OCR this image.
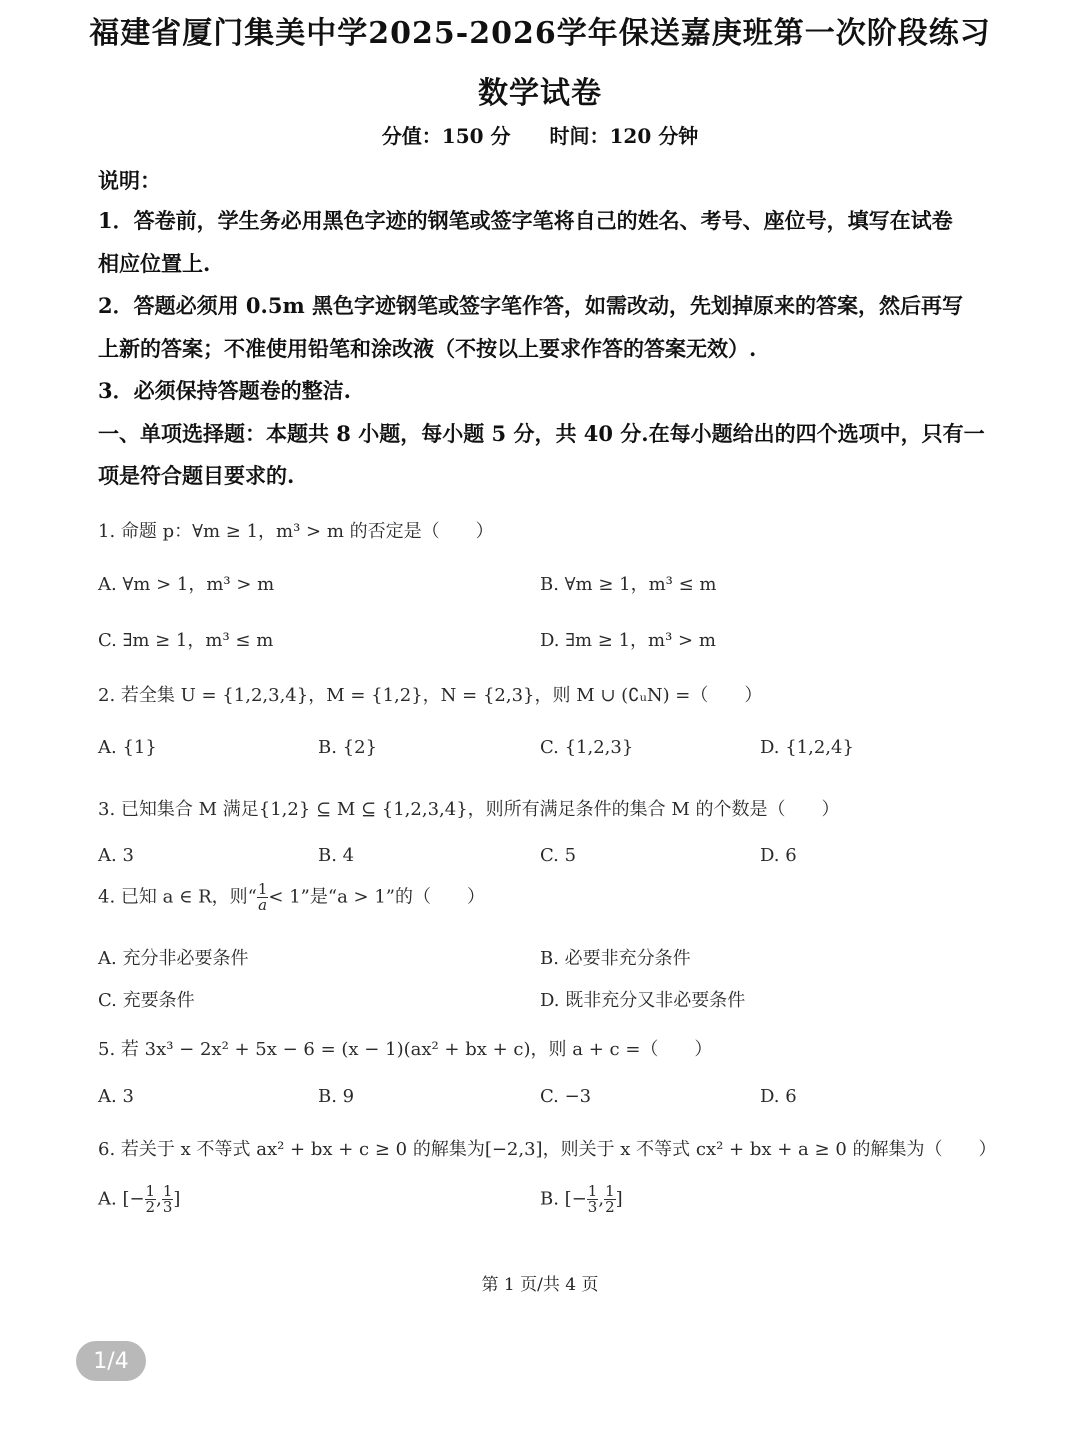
福建省厦门集美中学2025-2026学年保送嘉庚班第一次阶段练习
数学试卷
分值：150 分 时间：120 分钟
说明：
1．答卷前，学生务必用黑色字迹的钢笔或签字笔将自己的姓名、考号、座位号，填写在试卷
相应位置上.
2．答题必须用 0.5m 黑色字迹钢笔或签字笔作答，如需改动，先划掉原来的答案，然后再写
上新的答案；不准使用铅笔和涂改液（不按以上要求作答的答案无效）.
3．必须保持答题卷的整洁.
一、单项选择题：本题共 8 小题，每小题 5 分，共 40 分.在每小题给出的四个选项中，只有一
项是符合题目要求的.
1. 命题 p：∀m ≥ 1，m³ > m 的否定是（　　）
A. ∀m > 1，m³ > m	B. ∀m ≥ 1，m³ ≤ m
C. ∃m ≥ 1，m³ ≤ m	D. ∃m ≥ 1，m³ > m
2. 若全集 U = {1,2,3,4}，M = {1,2}，N = {2,3}，则 M ∪ (∁ᵤN) =（　　）
A. {1}	B. {2}	C. {1,2,3}	D. {1,2,4}
3. 已知集合 M 满足{1,2} ⊆ M ⊆ {1,2,3,4}，则所有满足条件的集合 M 的个数是（　　）
A. 3	B. 4	C. 5	D. 6
4. 已知 a ∈ R，则“ $\frac{1}{a} < 1$”是“a > 1”的（　　）
A. 充分非必要条件	B. 必要非充分条件
C. 充要条件	D. 既非充分又非必要条件
5. 若 3x³ − 2x² + 5x − 6 = (x − 1)(ax² + bx + c)，则 a + c =（　　）
A. 3	B. 9	C. −3	D. 6
6. 若关于 x 不等式 ax² + bx + c ≥ 0 的解集为[−2,3]，则关于 x 不等式 cx² + bx + a ≥ 0 的解集为（　　）
A. [− $\frac{1}{2}$ , $\frac{1}{3}$ ]	B. [− $\frac{1}{3}$ , $\frac{1}{2}$ ]
第 1 页/共 4 页
1/4
